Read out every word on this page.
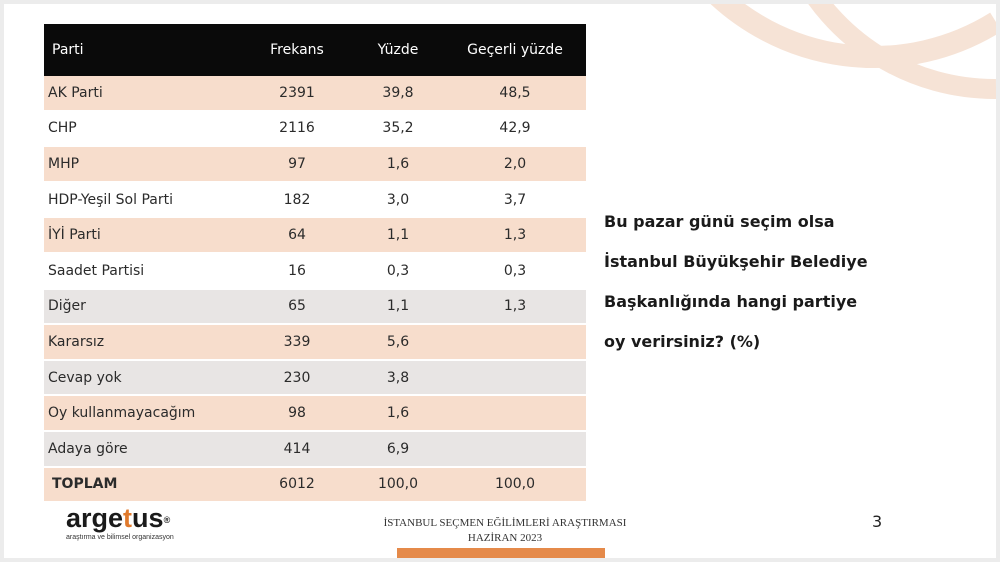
Parti	Frekans	Yüzde	Geçerli yüzde
AK Parti	2391	39,8	48,5
CHP	2116	35,2	42,9
MHP	97	1,6	2,0
HDP-Yeşil Sol Parti	182	3,0	3,7
İYİ Parti	64	1,1	1,3
Saadet Partisi	16	0,3	0,3
Diğer	65	1,1	1,3
Kararsız	339	5,6	
Cevap yok	230	3,8	
Oy kullanmayacağım	98	1,6	
Adaya göre	414	6,9	
TOPLAM	6012	100,0	100,0
Bu pazar günü seçim olsa
İstanbul Büyükşehir Belediye
Başkanlığında hangi partiye
oy verirsiniz? (%)
argetus®
araştırma ve bilimsel organizasyon
İSTANBUL SEÇMEN EĞİLİMLERİ ARAŞTIRMASI
HAZİRAN 2023
3
